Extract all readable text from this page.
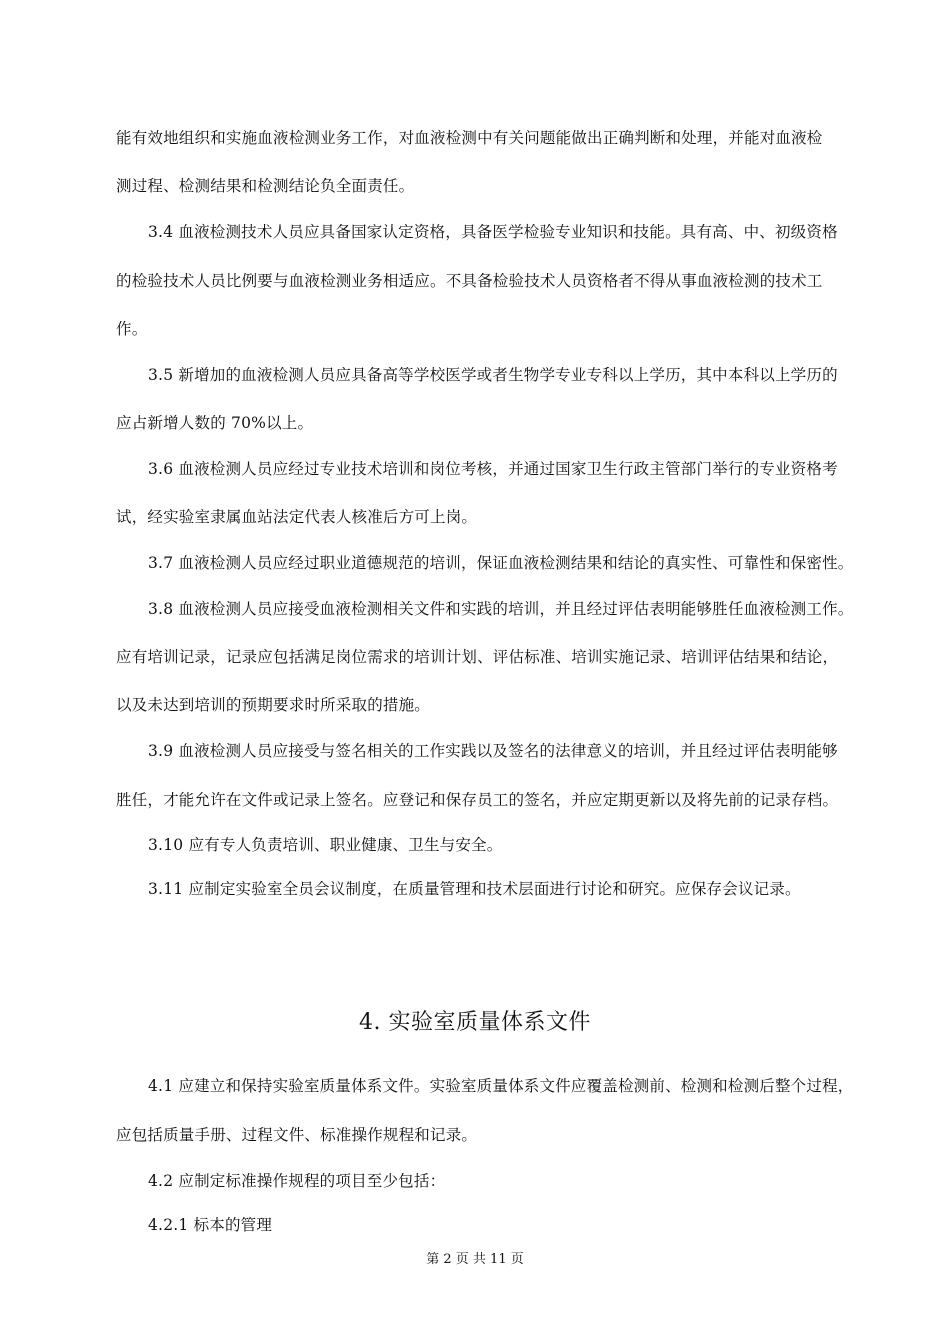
能有效地组织和实施血液检测业务工作，对血液检测中有关问题能做出正确判断和处理，并能对血液检
测过程、检测结果和检测结论负全面责任。
3.4 血液检测技术人员应具备国家认定资格，具备医学检验专业知识和技能。具有高、中、初级资格
的检验技术人员比例要与血液检测业务相适应。不具备检验技术人员资格者不得从事血液检测的技术工
作。
3.5 新增加的血液检测人员应具备高等学校医学或者生物学专业专科以上学历，其中本科以上学历的
应占新增人数的 70%以上。
3.6 血液检测人员应经过专业技术培训和岗位考核，并通过国家卫生行政主管部门举行的专业资格考
试，经实验室隶属血站法定代表人核准后方可上岗。
3.7 血液检测人员应经过职业道德规范的培训，保证血液检测结果和结论的真实性、可靠性和保密性。
3.8 血液检测人员应接受血液检测相关文件和实践的培训，并且经过评估表明能够胜任血液检测工作。
应有培训记录，记录应包括满足岗位需求的培训计划、评估标准、培训实施记录、培训评估结果和结论，
以及未达到培训的预期要求时所采取的措施。
3.9 血液检测人员应接受与签名相关的工作实践以及签名的法律意义的培训，并且经过评估表明能够
胜任，才能允许在文件或记录上签名。应登记和保存员工的签名，并应定期更新以及将先前的记录存档。
3.10 应有专人负责培训、职业健康、卫生与安全。
3.11 应制定实验室全员会议制度，在质量管理和技术层面进行讨论和研究。应保存会议记录。
4. 实验室质量体系文件
4.1 应建立和保持实验室质量体系文件。实验室质量体系文件应覆盖检测前、检测和检测后整个过程，
应包括质量手册、过程文件、标准操作规程和记录。
4.2 应制定标准操作规程的项目至少包括：
4.2.1 标本的管理
第 2 页 共 11 页
